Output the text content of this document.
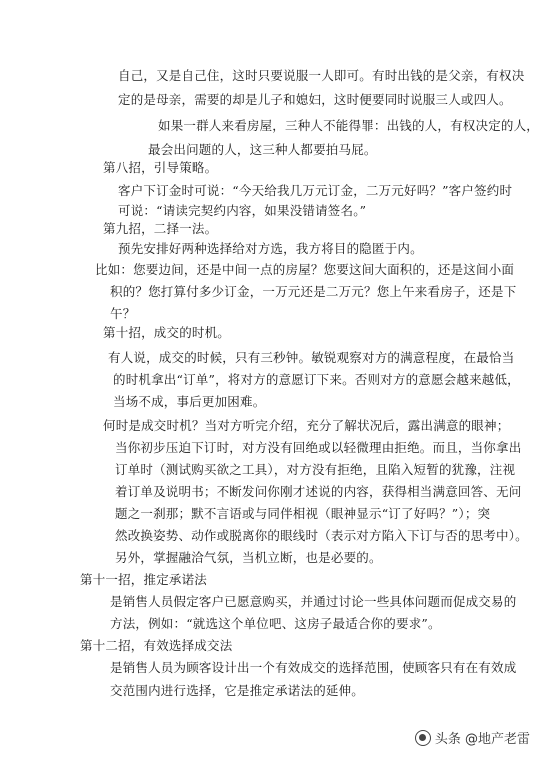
自己，又是自己住，这时只要说服一人即可。有时出钱的是父亲，有权决
定的是母亲，需要的却是儿子和媳妇，这时便要同时说服三人或四人。
如果一群人来看房屋，三种人不能得罪：出钱的人，有权决定的人，
最会出问题的人，这三种人都要拍马屁。
第八招，引导策略。
客户下订金时可说：“今天给我几万元订金，二万元好吗？”客户签约时
可说：“请读完契约内容，如果没错请签名。”
第九招，二择一法。
预先安排好两种选择给对方选，我方将目的隐匿于内。
比如：您要边间，还是中间一点的房屋？您要这间大面积的，还是这间小面
积的？您打算付多少订金，一万元还是二万元？您上午来看房子，还是下
午？
第十招，成交的时机。
有人说，成交的时候，只有三秒钟。敏锐观察对方的满意程度，在最恰当
的时机拿出“订单”，将对方的意愿订下来。否则对方的意愿会越来越低，
当场不成，事后更加困难。
何时是成交时机？当对方听完介绍，充分了解状况后，露出满意的眼神；
当你初步压迫下订时，对方没有回绝或以轻微理由拒绝。而且，当你拿出
订单时（测试购买欲之工具），对方没有拒绝，且陷入短暂的犹豫，注视
着订单及说明书；不断发问你刚才述说的内容，获得相当满意回答、无问
题之一刹那；默不言语或与同伴相视（眼神显示“订了好吗？”）；突
然改换姿势、动作或脱离你的眼线时（表示对方陷入下订与否的思考中）。
另外，掌握融洽气氛，当机立断，也是必要的。
第十一招，推定承诺法
是销售人员假定客户已愿意购买，并通过讨论一些具体问题而促成交易的
方法，例如：“就选这个单位吧、这房子最适合你的要求”。
第十二招，有效选择成交法
是销售人员为顾客设计出一个有效成交的选择范围，使顾客只有在有效成
交范围内进行选择，它是推定承诺法的延伸。
头条 @地产老雷
